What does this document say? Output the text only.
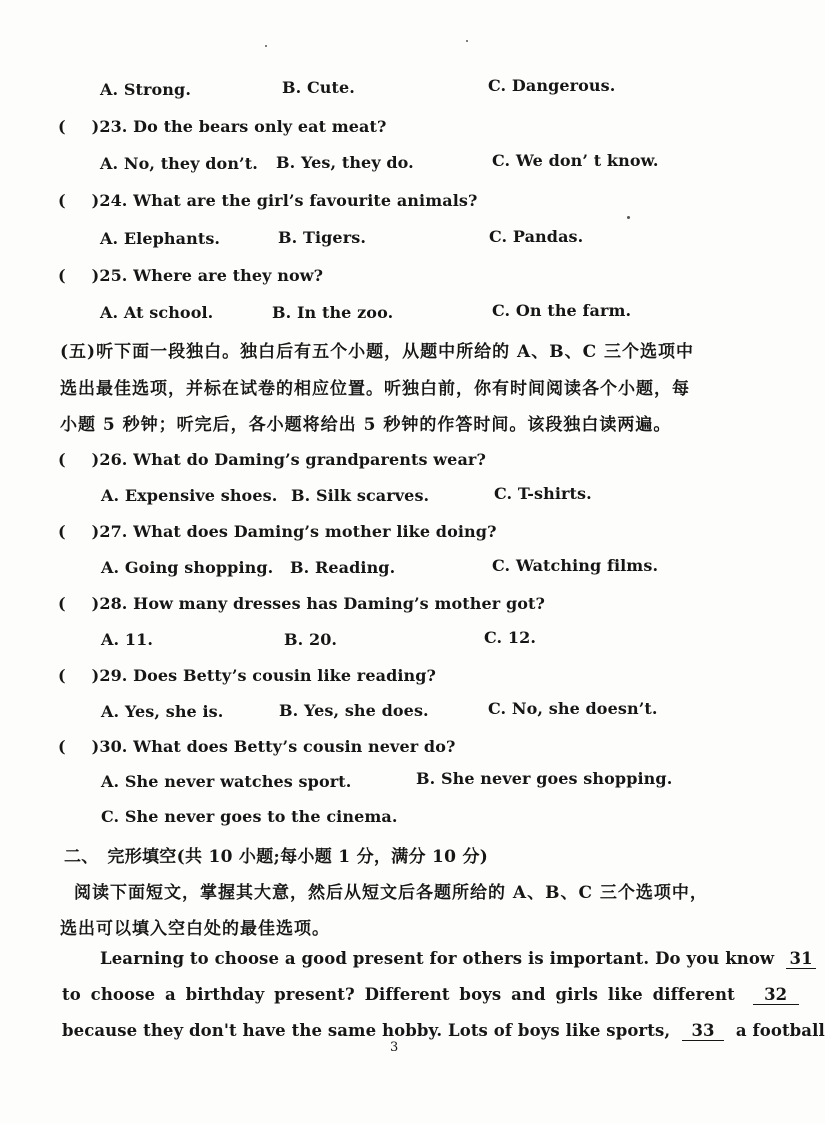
A. Strong.	B. Cute.	C. Dangerous.
( )23. Do the bears only eat meat?
A. No, they don’t. B. Yes, they do.	C. We don’ t know.
( )24. What are the girl’s favourite animals?
A. Elephants.	B. Tigers.	C. Pandas.
( )25. Where are they now?
A. At school.	B. In the zoo.	C. On the farm.
(五)听下面一段独白。独白后有五个小题，从题中所给的 A、B、C 三个选项中
选出最佳选项，并标在试卷的相应位置。听独白前，你有时间阅读各个小题，每
小题 5 秒钟；听完后，各小题将给出 5 秒钟的作答时间。该段独白读两遍。
( )26. What do Daming’s grandparents wear?
A. Expensive shoes. B. Silk scarves.	C. T-shirts.
( )27. What does Daming’s mother like doing?
A. Going shopping. B. Reading.	C. Watching films.
( )28. How many dresses has Daming’s mother got?
A. 11.	B. 20.	C. 12.
( )29. Does Betty’s cousin like reading?
A. Yes, she is.	B. Yes, she does.	C. No, she doesn’t.
( )30. What does Betty’s cousin never do?
A. She never watches sport.	B. She never goes shopping.
C. She never goes to the cinema.
二、　完形填空(共 10 小题;每小题 1 分，满分 10 分)
阅读下面短文，掌握其大意，然后从短文后各题所给的 A、B、C 三个选项中，
选出可以填入空白处的最佳选项。
Learning to choose a good present for others is important. Do you know 31
to choose a birthday present? Different boys and girls like different 32
because they don't have the same hobby. Lots of boys like sports, 33 a football
3
